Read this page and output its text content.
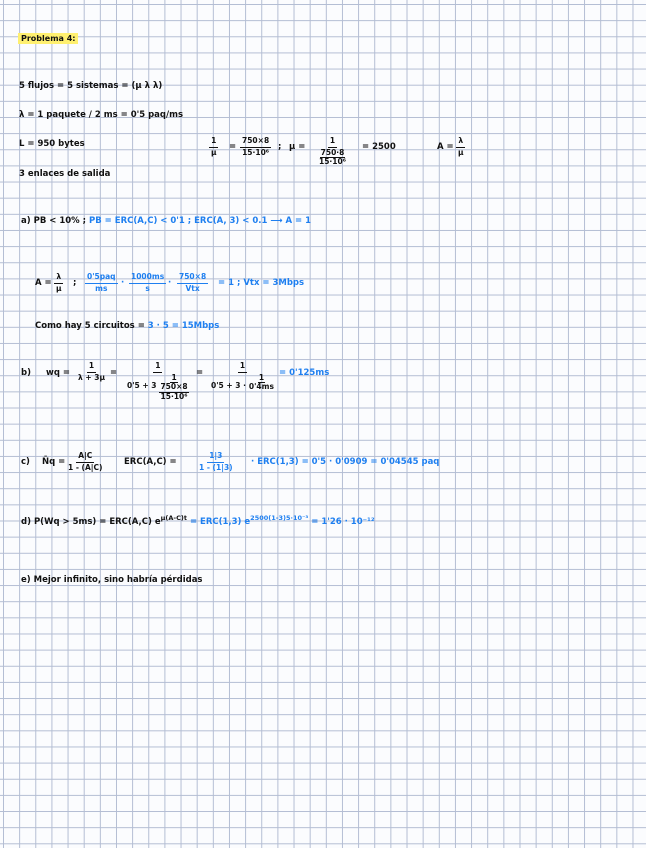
Problema 4:
5 flujos = 5 sistemas = (μ λ λ)
λ = 1 paquete / 2 ms = 0'5 paq/ms
L = 950 bytes
3 enlaces de salida
$\frac{1}{\mu} = \frac{750\times 8}{\text{15·10⁶}}$ ; μ = 1
750·8
15·10⁶ = 2500	$A = \frac{\lambda}{\mu}$
a) PB < 10% ; PB = ERC(A,C) < 0'1 ; ERC(A, 3) < 0.1 ⟶ A = 1
$A = \frac{\lambda}{\mu}$ ;
0'5paq
ms
· $\frac{1000ms}{s}$ ·
750×8
Vtx
= 1 ; Vtx = 3Mbps
Como hay 5 circuitos = 3 · 5 = 15Mbps
b) wq = $\frac{1}{\lambda + 3\mu} = 1$
0'5 + 3
1
750×8
15·10⁶ = 1
0'5 + 3 ·
1
0'4ms = 0'125ms
c) N̄q = $\frac{A|C}{1 - (A|C)} ERC(A,C)$ =	$\frac{1|3}{1 - (1|3)} \cdot ERC(1,3) = 0'5 \cdot 0'0909 = 0'04545$ paq
d) P(Wq > 5ms) = ERC(A,C) $e^{\mu(A-C)t} = ERC(1,3) e^{2500(1-3)5\cdot 10^{-3}} = 1'26 \cdot 10^{-12}$
e) Mejor infinito, sino habría pérdidas
